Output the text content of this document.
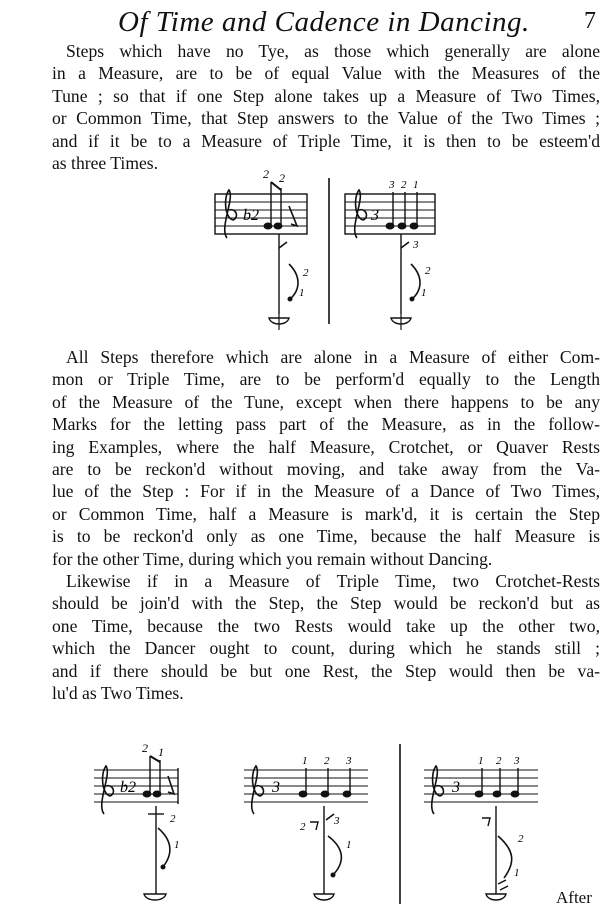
Of Time and Cadence in Dancing. 7
Steps which have no Tye, as those which generally are alone
in a Measure, are to be of equal Value with the Measures of the
Tune ; so that if one Step alone takes up a Measure of Two Times,
or Common Time, that Step answers to the Value of the Two Times ;
and if it be to a Measure of Triple Time, it is then to be esteem'd
as three Times.
b2
2 2
3
3 2 1
2
1
3
2
1
All Steps therefore which are alone in a Measure of either Com-
mon or Triple Time, are to be perform'd equally to the Length
of the Measure of the Tune, except when there happens to be any
Marks for the letting pass part of the Measure, as in the follow-
ing Examples, where the half Measure, Crotchet, or Quaver Rests
are to be reckon'd without moving, and take away from the Va-
lue of the Step : For if in the Measure of a Dance of Two Times,
or Common Time, half a Measure is mark'd, it is certain the Step
is to be reckon'd only as one Time, because the half Measure is
for the other Time, during which you remain without Dancing.
Likewise if in a Measure of Triple Time, two Crotchet-Rests
should be join'd with the Step, the Step would be reckon'd but as
one Time, because the two Rests would take up the other two,
which the Dancer ought to count, during which he stands still ;
and if there should be but one Rest, the Step would then be va-
lu'd as Two Times.
b2
2 1
2
1
3
1 2 3
2	3
1
3
1 2 3
2
1
After
